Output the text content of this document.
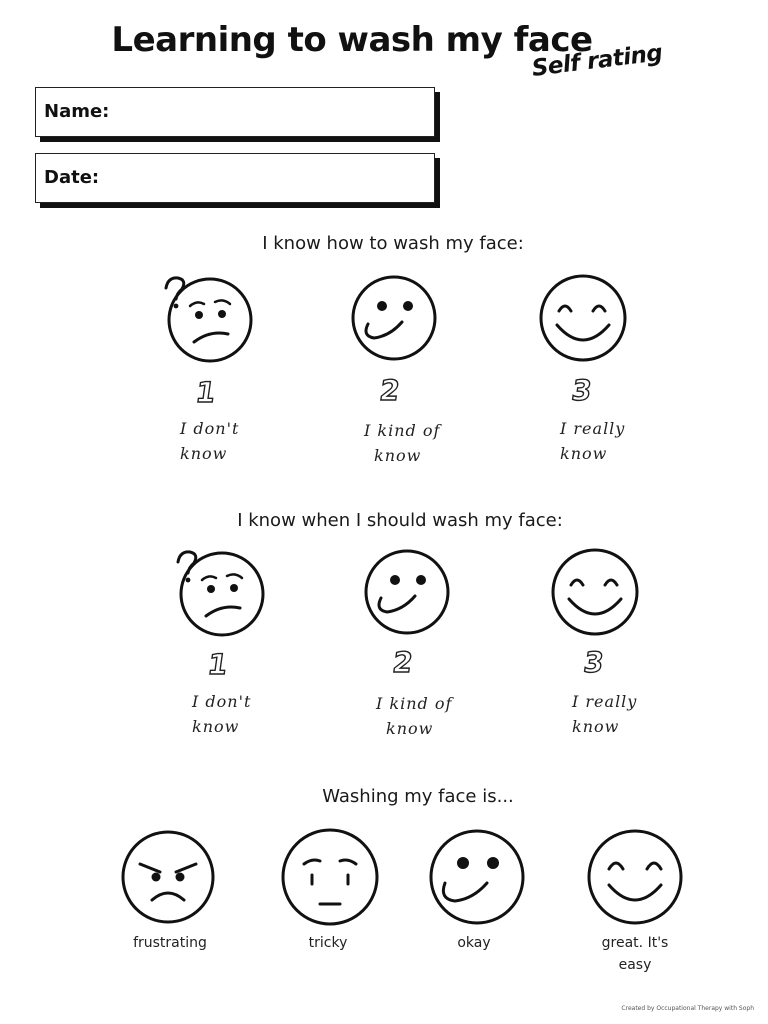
Learning to wash my face
Self rating
Name:
Date:
I know how to wash my face:
1	2	3
I don't
know
I kind of
know
I really
know
I know when I should wash my face:
1	2	3
I don't
know
I kind of
know
I really
know
Washing my face is...
frustrating	tricky	okay	great. It's
easy
Created by Occupational Therapy with Soph
